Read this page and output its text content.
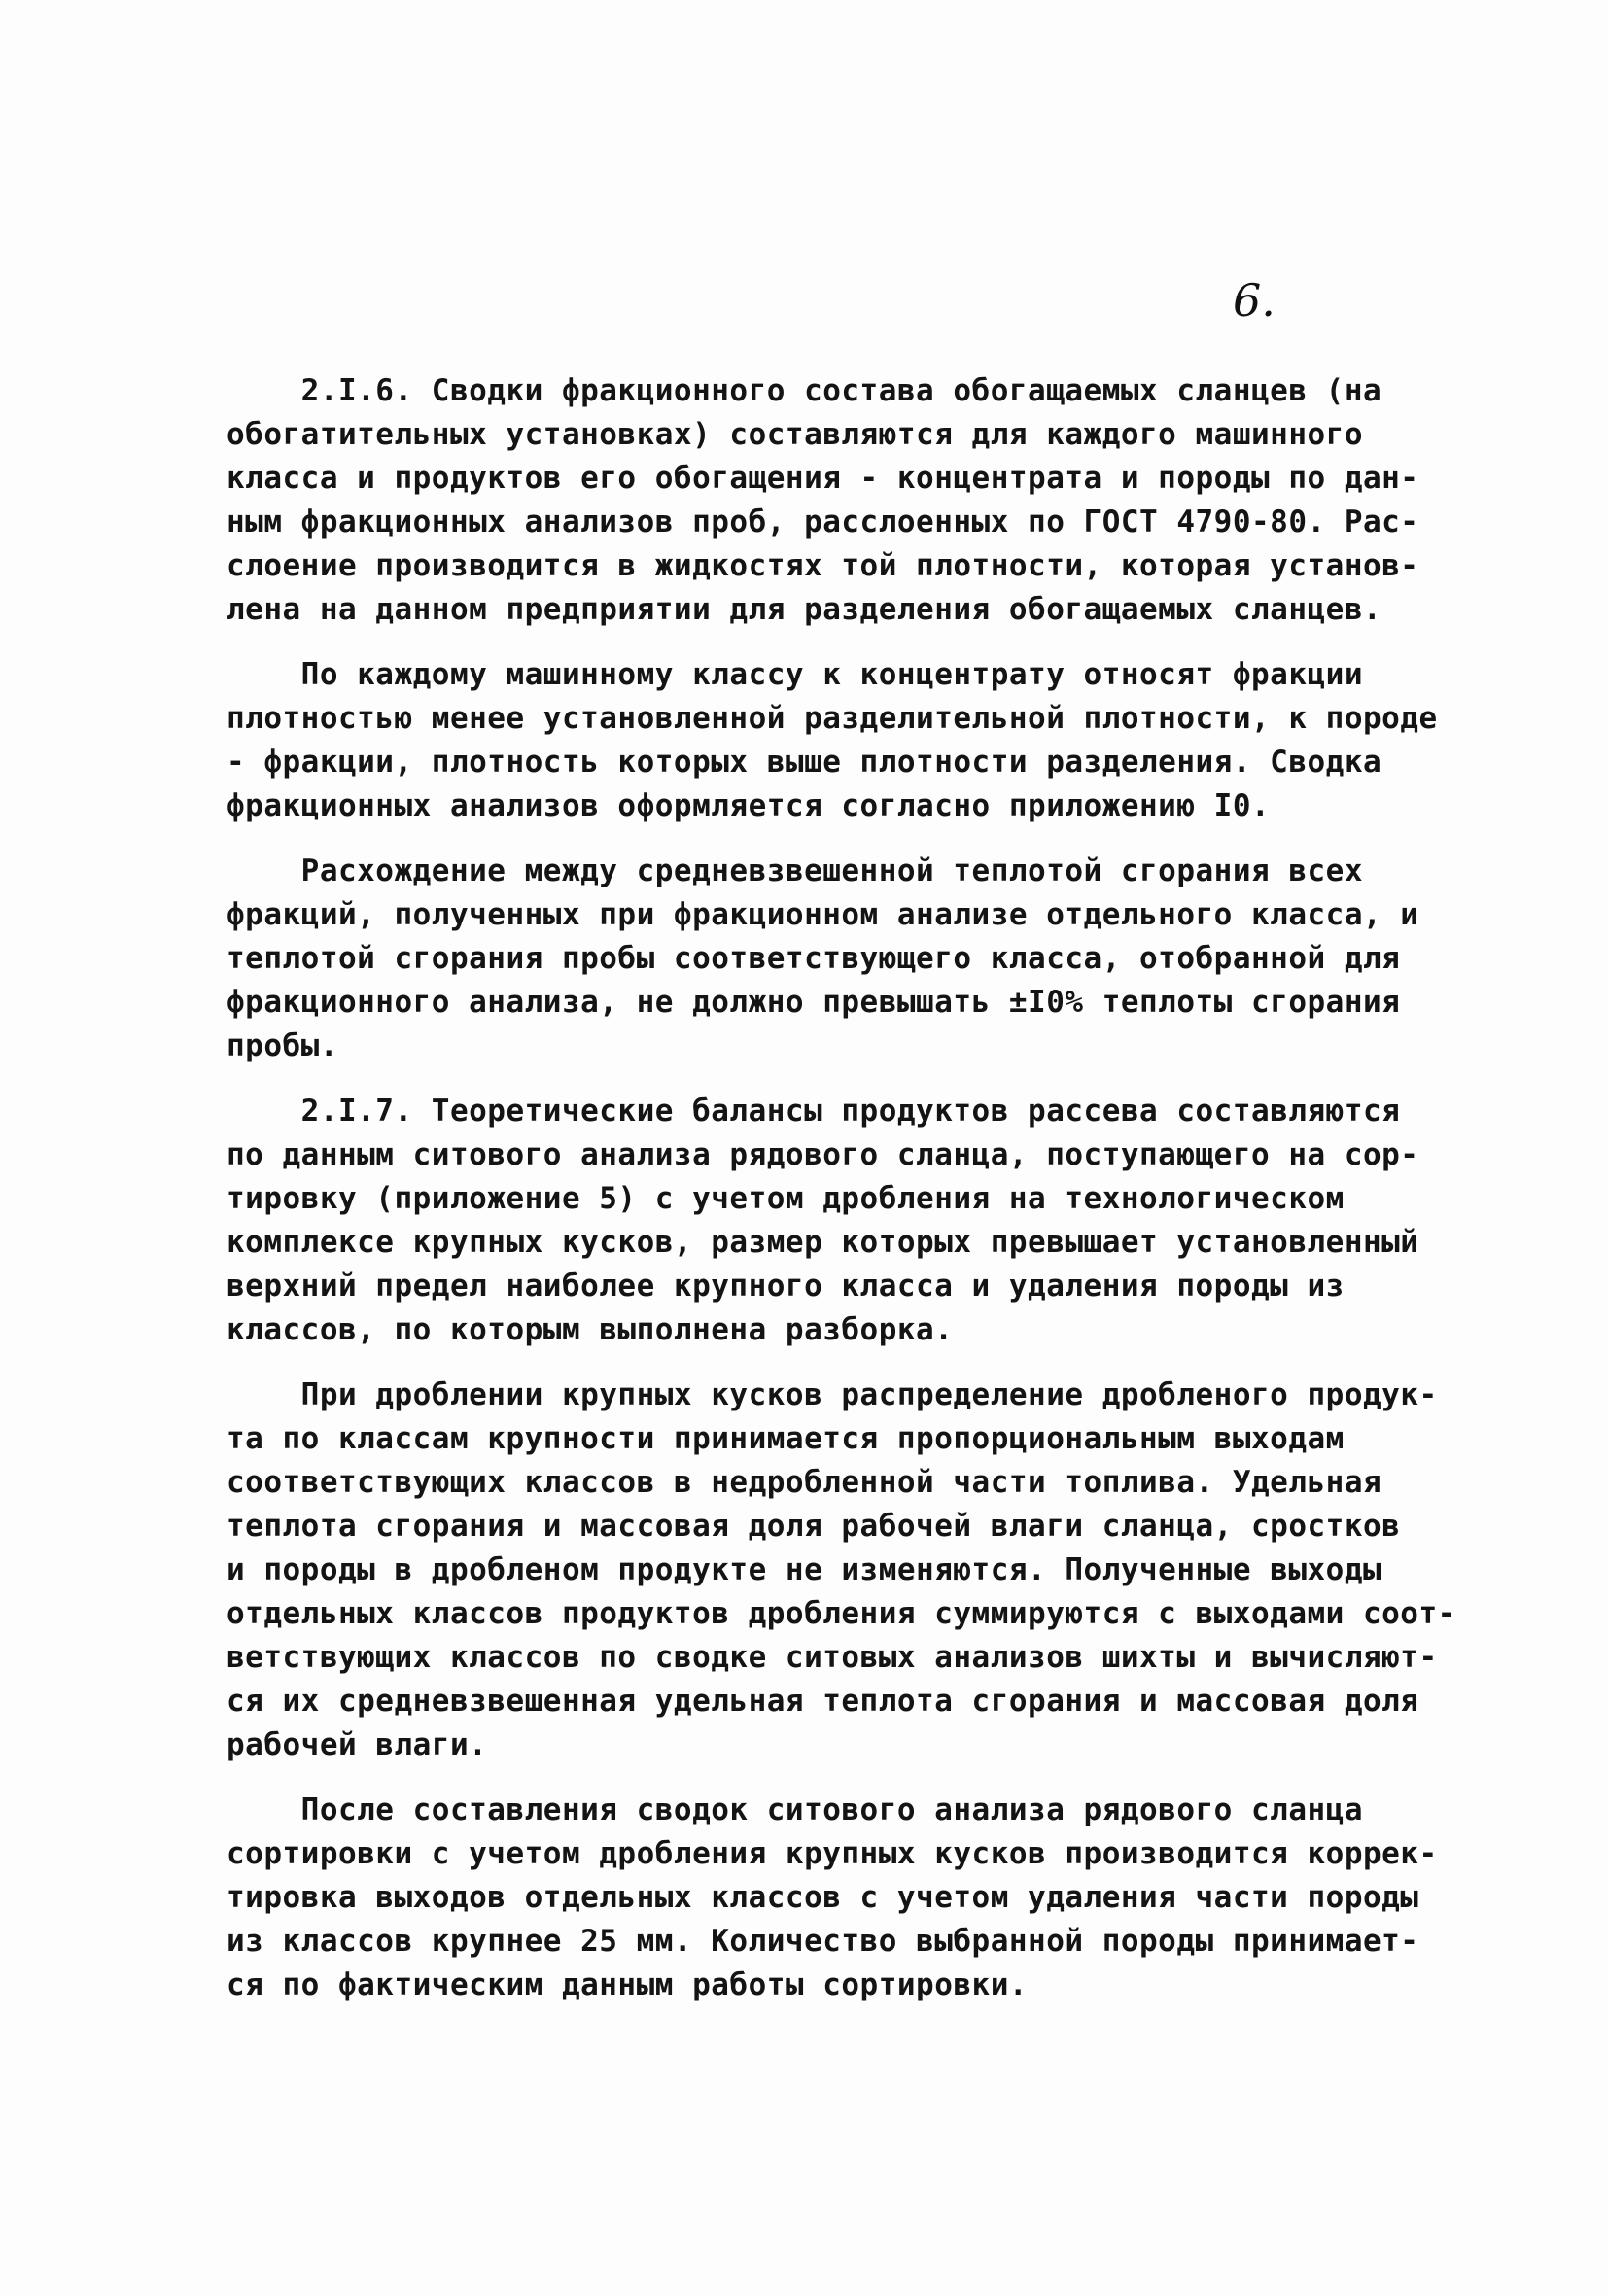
6.
2.I.6. Сводки фракционного состава обогащаемых сланцев (на
обогатительных установках) составляются для каждого машинного
класса и продуктов его обогащения - концентрата и породы по дан-
ным фракционных анализов проб, расслоенных по ГОСТ 4790-80. Рас-
слоение производится в жидкостях той плотности, которая установ-
лена на данном предприятии для разделения обогащаемых сланцев.
По каждому машинному классу к концентрату относят фракции
плотностью менее установленной разделительной плотности, к породе
- фракции, плотность которых выше плотности разделения. Сводка
фракционных анализов оформляется согласно приложению I0.
Расхождение между средневзвешенной теплотой сгорания всех
фракций, полученных при фракционном анализе отдельного класса, и
теплотой сгорания пробы соответствующего класса, отобранной для
фракционного анализа, не должно превышать ±I0% теплоты сгорания
пробы.
2.I.7. Теоретические балансы продуктов рассева составляются
по данным ситового анализа рядового сланца, поступающего на сор-
тировку (приложение 5) с учетом дробления на технологическом
комплексе крупных кусков, размер которых превышает установленный
верхний предел наиболее крупного класса и удаления породы из
классов, по которым выполнена разборка.
При дроблении крупных кусков распределение дробленого продук-
та по классам крупности принимается пропорциональным выходам
соответствующих классов в недробленной части топлива. Удельная
теплота сгорания и массовая доля рабочей влаги сланца, сростков
и породы в дробленом продукте не изменяются. Полученные выходы
отдельных классов продуктов дробления суммируются с выходами соот-
ветствующих классов по сводке ситовых анализов шихты и вычисляют-
ся их средневзвешенная удельная теплота сгорания и массовая доля
рабочей влаги.
После составления сводок ситового анализа рядового сланца
сортировки с учетом дробления крупных кусков производится коррек-
тировка выходов отдельных классов с учетом удаления части породы
из классов крупнее 25 мм. Количество выбранной породы принимает-
ся по фактическим данным работы сортировки.
